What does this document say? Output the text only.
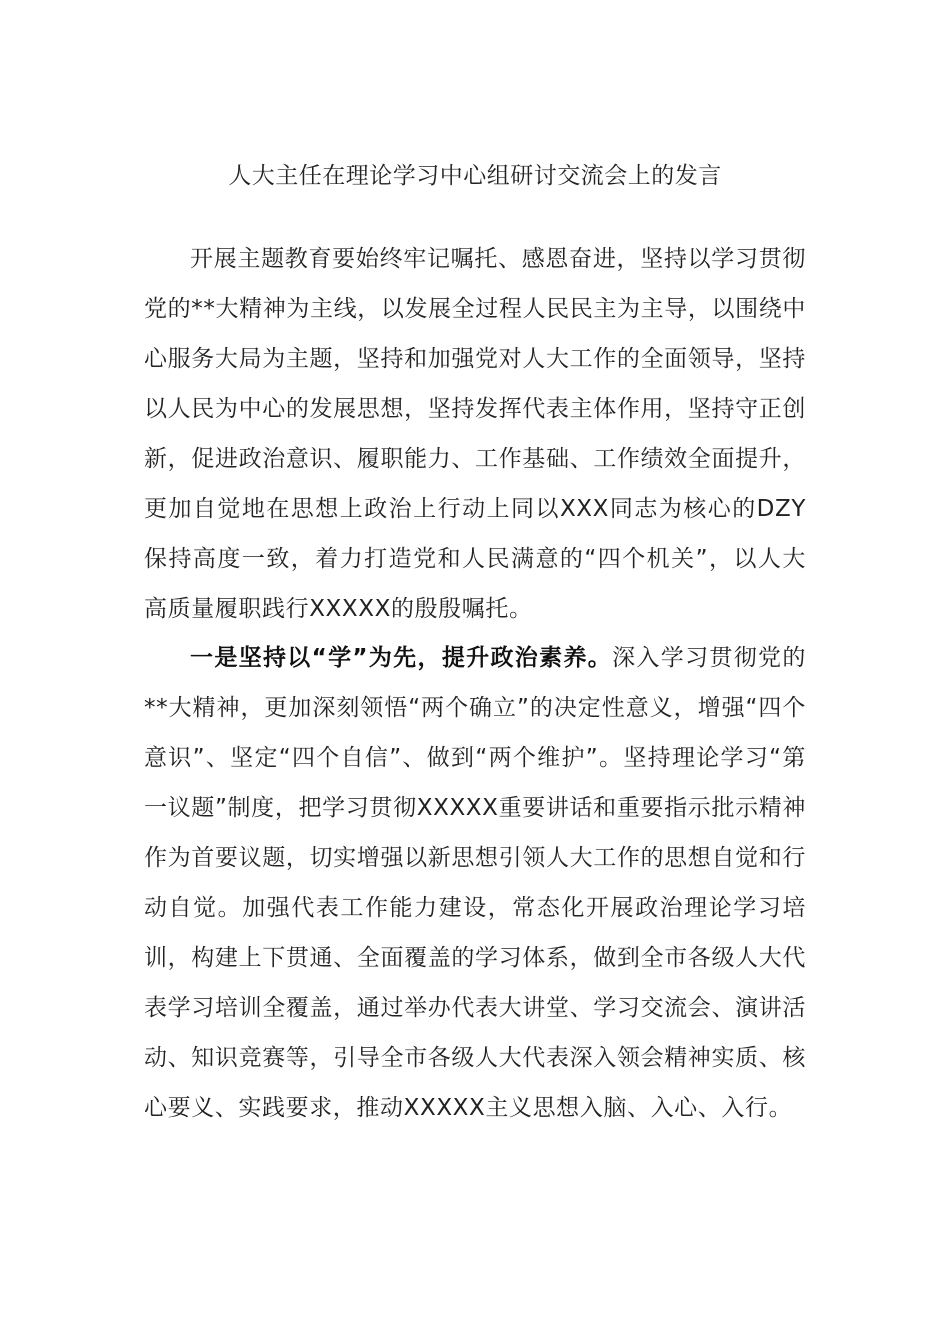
人大主任在理论学习中心组研讨交流会上的发言

开展主题教育要始终牢记嘱托、感恩奋进，坚持以学习贯彻党的**大精神为主线，以发展全过程人民民主为主导，以围绕中心服务大局为主题，坚持和加强党对人大工作的全面领导，坚持以人民为中心的发展思想，坚持发挥代表主体作用，坚持守正创新，促进政治意识、履职能力、工作基础、工作绩效全面提升，更加自觉地在思想上政治上行动上同以XXX同志为核心的DZY保持高度一致，着力打造党和人民满意的“四个机关”，以人大高质量履职践行XXXXX的殷殷嘱托。

一是坚持以“学”为先，提升政治素养。深入学习贯彻党的**大精神，更加深刻领悟“两个确立”的决定性意义，增强“四个意识”、坚定“四个自信”、做到“两个维护”。坚持理论学习“第一议题”制度，把学习贯彻XXXXX重要讲话和重要指示批示精神作为首要议题，切实增强以新思想引领人大工作的思想自觉和行动自觉。加强代表工作能力建设，常态化开展政治理论学习培训，构建上下贯通、全面覆盖的学习体系，做到全市各级人大代表学习培训全覆盖，通过举办代表大讲堂、学习交流会、演讲活动、知识竞赛等，引导全市各级人大代表深入领会精神实质、核心要义、实践要求，推动XXXXX主义思想入脑、入心、入行。
